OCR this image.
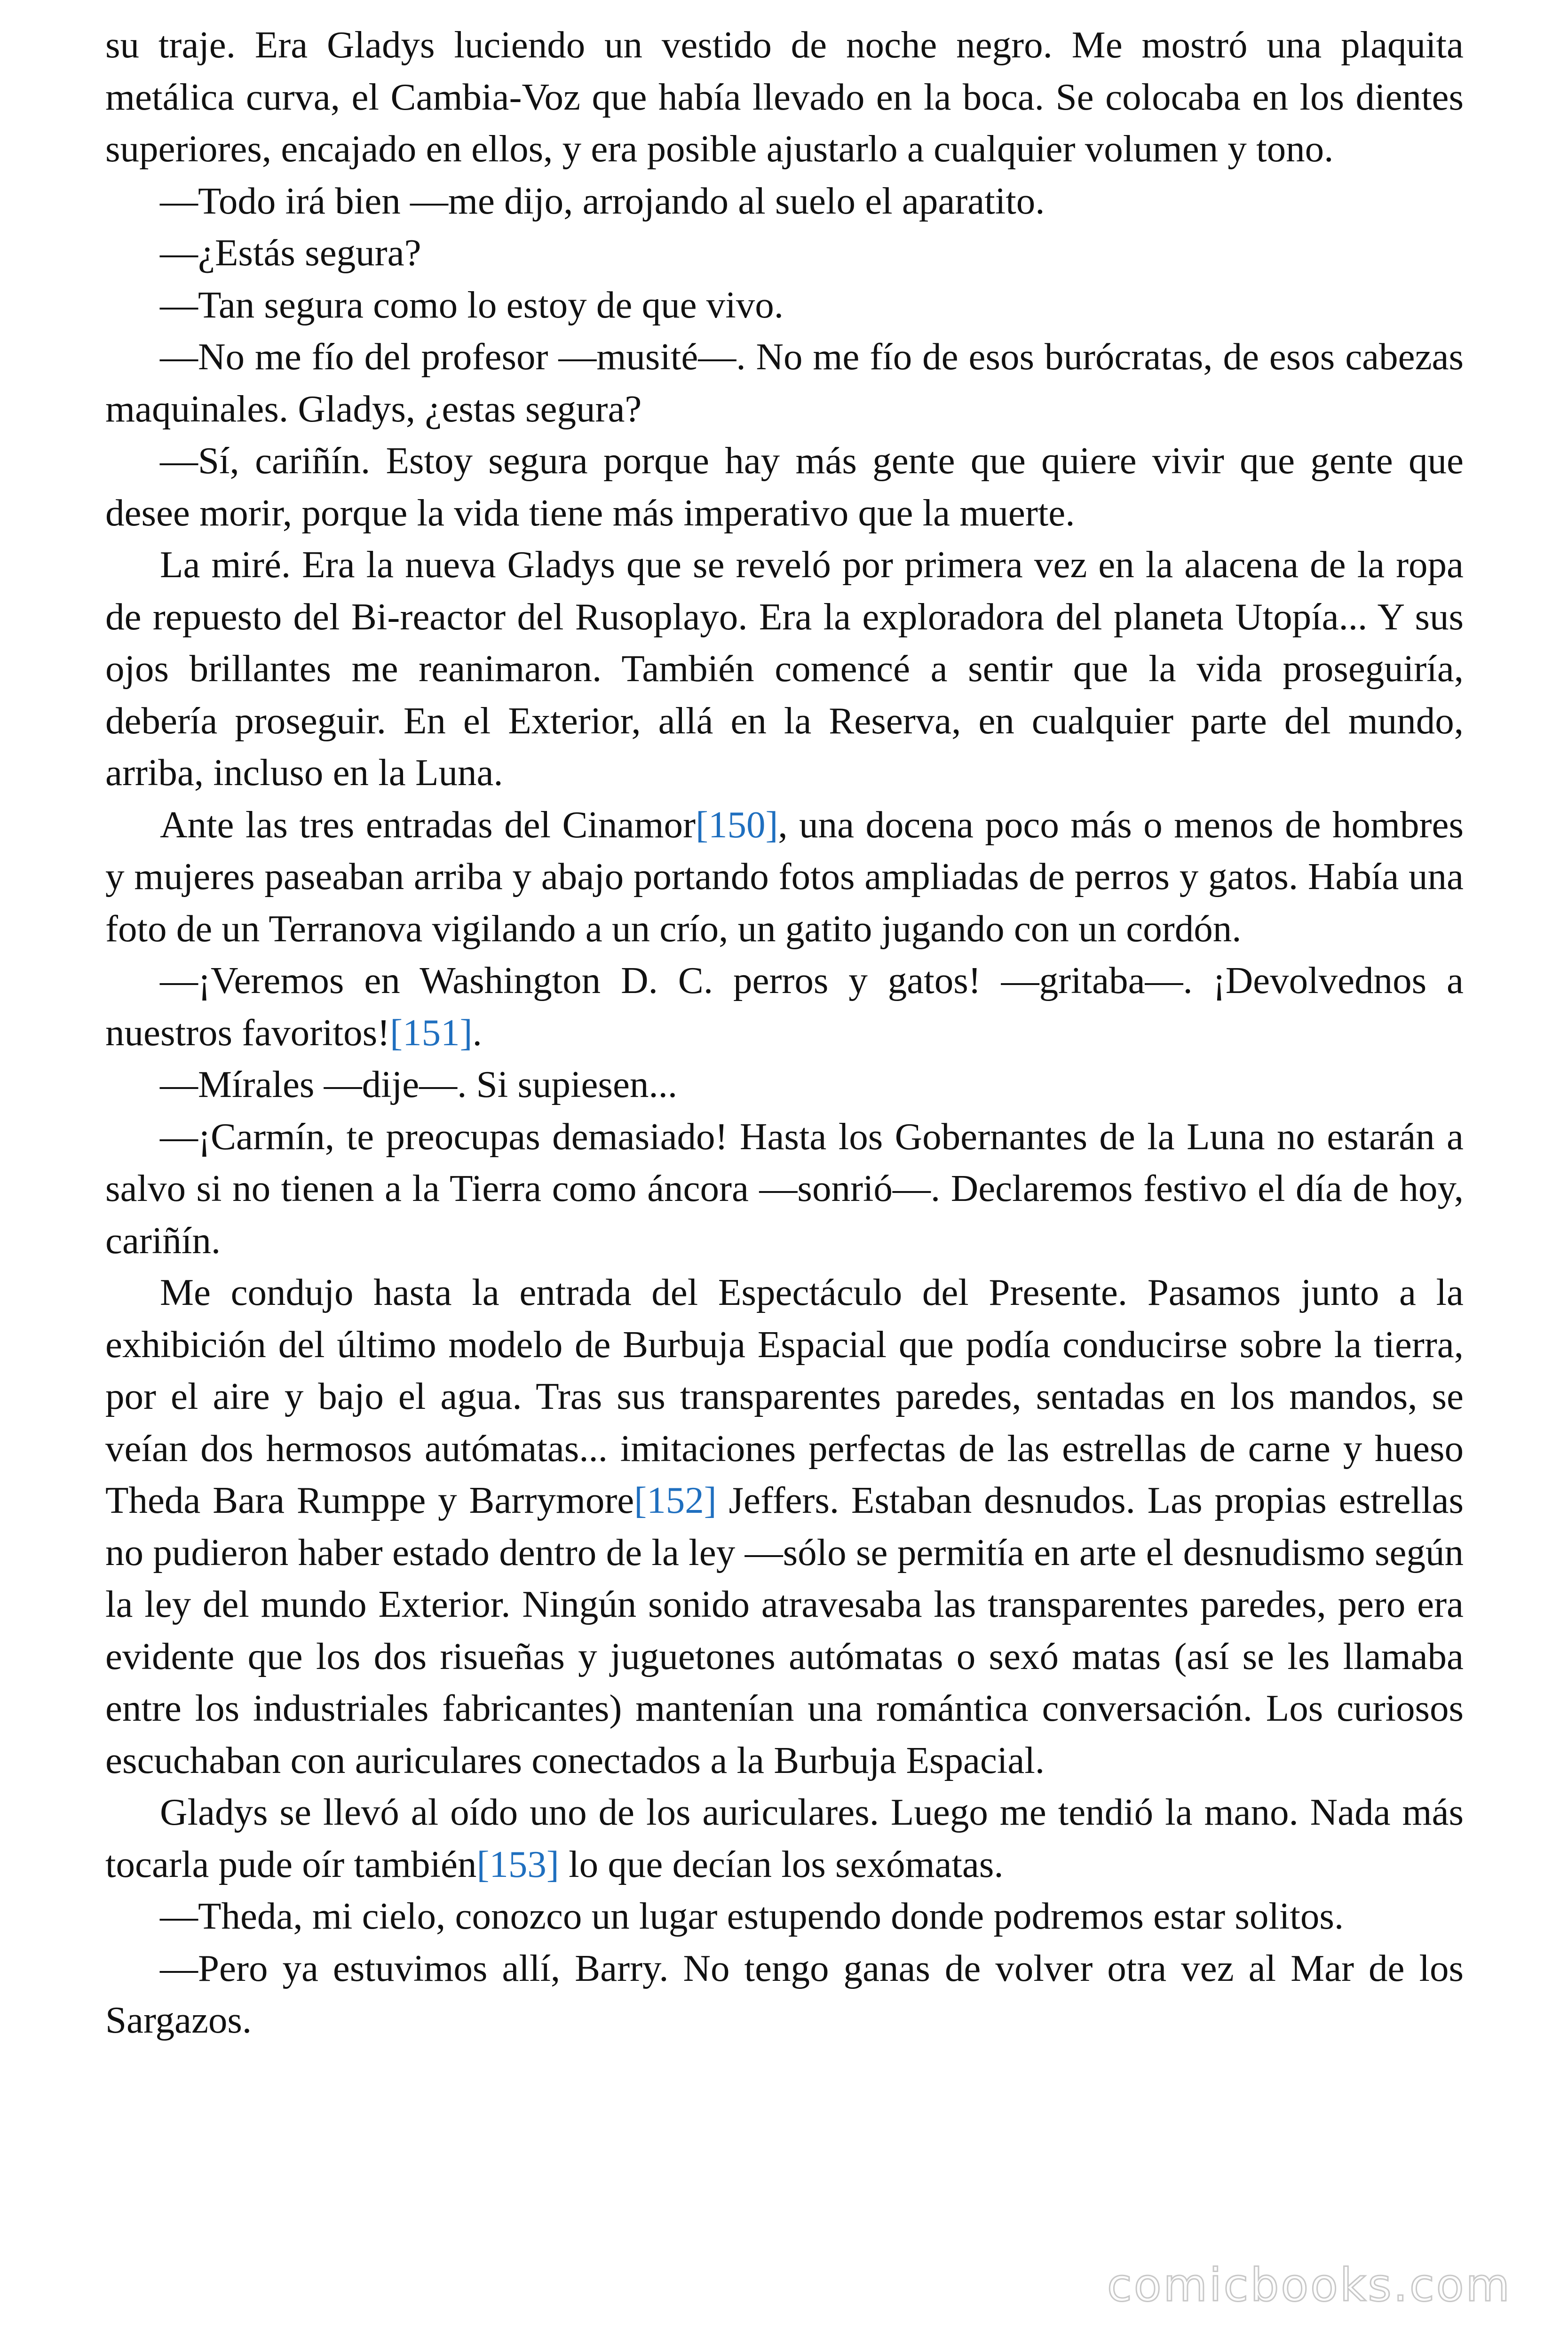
su traje. Era Gladys luciendo un vestido de noche negro. Me mostró una plaquita metálica curva, el Cambia-Voz que había llevado en la boca. Se colocaba en los dientes superiores, encajado en ellos, y era posible ajustarlo a cualquier volumen y tono.

—Todo irá bien —me dijo, arrojando al suelo el aparatito.

—¿Estás segura?

—Tan segura como lo estoy de que vivo.

—No me fío del profesor —musité—. No me fío de esos burócratas, de esos cabezas maquinales. Gladys, ¿estas segura?

—Sí, cariñín. Estoy segura porque hay más gente que quiere vivir que gente que desee morir, porque la vida tiene más imperativo que la muerte.

La miré. Era la nueva Gladys que se reveló por primera vez en la alacena de la ropa de repuesto del Bi-reactor del Rusoplayo. Era la exploradora del planeta Utopía... Y sus ojos brillantes me reanimaron. También comencé a sentir que la vida proseguiría, debería proseguir. En el Exterior, allá en la Reserva, en cualquier parte del mundo, arriba, incluso en la Luna.

Ante las tres entradas del Cinamor[150], una docena poco más o menos de hombres y mujeres paseaban arriba y abajo portando fotos ampliadas de perros y gatos. Había una foto de un Terranova vigilando a un crío, un gatito jugando con un cordón.

—¡Veremos en Washington D. C. perros y gatos! —gritaba—. ¡Devolvednos a nuestros favoritos![151].

—Mírales —dije—. Si supiesen...

—¡Carmín, te preocupas demasiado! Hasta los Gobernantes de la Luna no estarán a salvo si no tienen a la Tierra como áncora —sonrió—. Declaremos festivo el día de hoy, cariñín.

Me condujo hasta la entrada del Espectáculo del Presente. Pasamos junto a la exhibición del último modelo de Burbuja Espacial que podía conducirse sobre la tierra, por el aire y bajo el agua. Tras sus transparentes paredes, sentadas en los mandos, se veían dos hermosos autómatas... imitaciones perfectas de las estrellas de carne y hueso Theda Bara Rumppe y Barrymore[152] Jeffers. Estaban desnudos. Las propias estrellas no pudieron haber estado dentro de la ley —sólo se permitía en arte el desnudismo según la ley del mundo Exterior. Ningún sonido atravesaba las transparentes paredes, pero era evidente que los dos risueñas y juguetones autómatas o sexó matas (así se les llamaba entre los industriales fabricantes) mantenían una romántica conversación. Los curiosos escuchaban con auriculares conectados a la Burbuja Espacial.

Gladys se llevó al oído uno de los auriculares. Luego me tendió la mano. Nada más tocarla pude oír también[153] lo que decían los sexómatas.

—Theda, mi cielo, conozco un lugar estupendo donde podremos estar solitos.

—Pero ya estuvimos allí, Barry. No tengo ganas de volver otra vez al Mar de los Sargazos.

comicbooks.com
